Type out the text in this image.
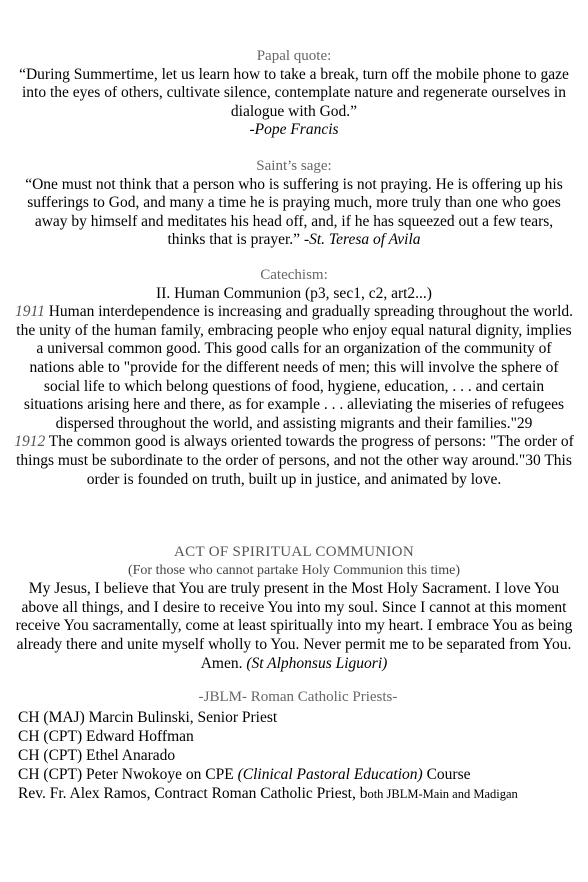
Papal quote:
“During Summertime, let us learn how to take a break, turn off the mobile phone to gaze into the eyes of others, cultivate silence, contemplate nature and regenerate ourselves in dialogue with God.”
-Pope Francis
Saint’s sage:
“One must not think that a person who is suffering is not praying. He is offering up his sufferings to God, and many a time he is praying much, more truly than one who goes away by himself and meditates his head off, and, if he has squeezed out a few tears, thinks that is prayer.” -St. Teresa of Avila
Catechism:
II. Human Communion (p3, sec1, c2, art2...)
1911 Human interdependence is increasing and gradually spreading throughout the world. the unity of the human family, embracing people who enjoy equal natural dignity, implies a universal common good. This good calls for an organization of the community of nations able to "provide for the different needs of men; this will involve the sphere of social life to which belong questions of food, hygiene, education, . . . and certain situations arising here and there, as for example . . . alleviating the miseries of refugees dispersed throughout the world, and assisting migrants and their families."29
1912 The common good is always oriented towards the progress of persons: "The order of things must be subordinate to the order of persons, and not the other way around."30 This order is founded on truth, built up in justice, and animated by love.
ACT OF SPIRITUAL COMMUNION
(For those who cannot partake Holy Communion this time)
My Jesus, I believe that You are truly present in the Most Holy Sacrament. I love You above all things, and I desire to receive You into my soul. Since I cannot at this moment receive You sacramentally, come at least spiritually into my heart. I embrace You as being already there and unite myself wholly to You. Never permit me to be separated from You. Amen. (St Alphonsus Liguori)
-JBLM- Roman Catholic Priests-
CH (MAJ) Marcin Bulinski, Senior Priest
CH (CPT) Edward Hoffman
CH (CPT) Ethel Anarado
CH (CPT) Peter Nwokoye on CPE (Clinical Pastoral Education) Course
Rev. Fr. Alex Ramos, Contract Roman Catholic Priest, both JBLM-Main and Madigan
